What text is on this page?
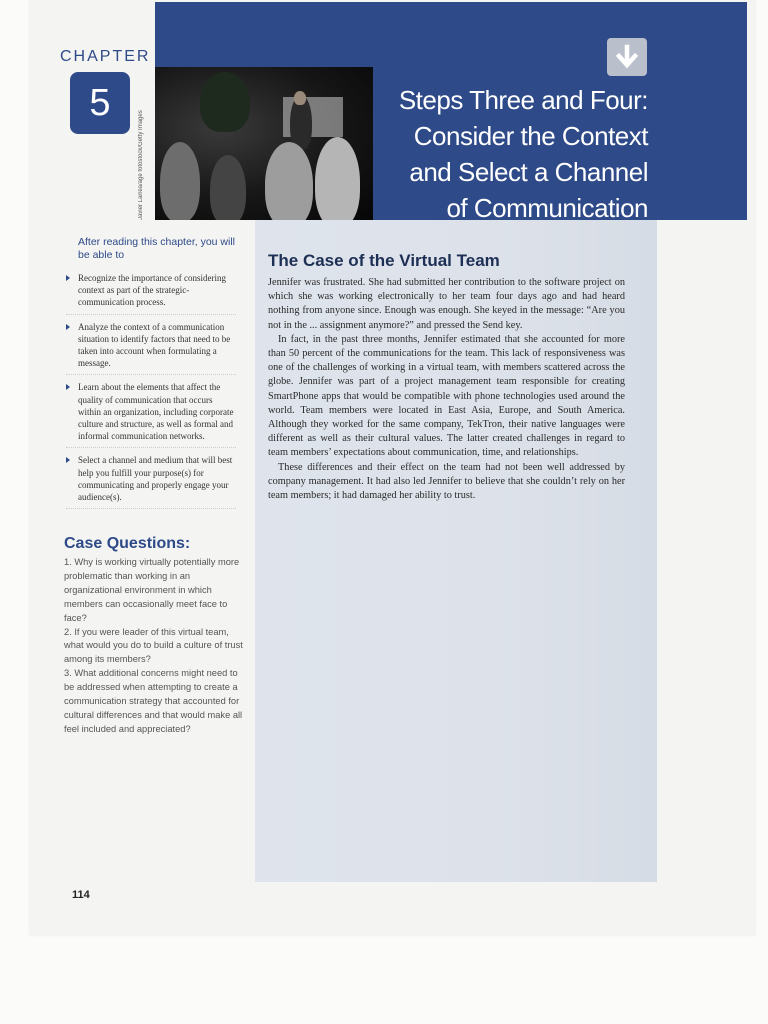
Javier Larrea/age fotostock/Getty Images
CHAPTER
5	Steps Three and Four:
Consider the Context
and Select a Channel
of Communication
After reading this chapter, you will be able to
Recognize the importance of considering context as part of the strategic-communication process.
Analyze the context of a communication situation to identify factors that need to be taken into account when formulating a message.
Learn about the elements that affect the quality of communication that occurs within an organization, including corporate culture and structure, as well as formal and informal communication networks.
Select a channel and medium that will best help you fulfill your purpose(s) for communicating and properly engage your audience(s).
Case Questions:

1. Why is working virtually potentially more problematic than working in an organizational environment in which members can occasionally meet face to face?

2. If you were leader of this virtual team, what would you do to build a culture of trust among its members?

3. What additional concerns might need to be addressed when attempting to create a communication strategy that accounted for cultural differences and that would make all feel included and appreciated?

The Case of the Virtual Team

Jennifer was frustrated. She had submitted her contribution to the software project on which she was working electronically to her team four days ago and had heard nothing from anyone since. Enough was enough. She keyed in the message: “Are you not in the ... assignment anymore?” and pressed the Send key.

In fact, in the past three months, Jennifer estimated that she accounted for more than 50 percent of the communications for the team. This lack of responsiveness was one of the challenges of working in a virtual team, with members scattered across the globe. Jennifer was part of a project management team responsible for creating SmartPhone apps that would be compatible with phone technologies used around the world. Team members were located in East Asia, Europe, and South America. Although they worked for the same company, TekTron, their native languages were different as well as their cultural values. The latter created challenges in regard to team members’ expectations about communication, time, and relationships.

These differences and their effect on the team had not been well addressed by company management. It had also led Jennifer to believe that she couldn’t rely on her team members; it had damaged her ability to trust.

114
